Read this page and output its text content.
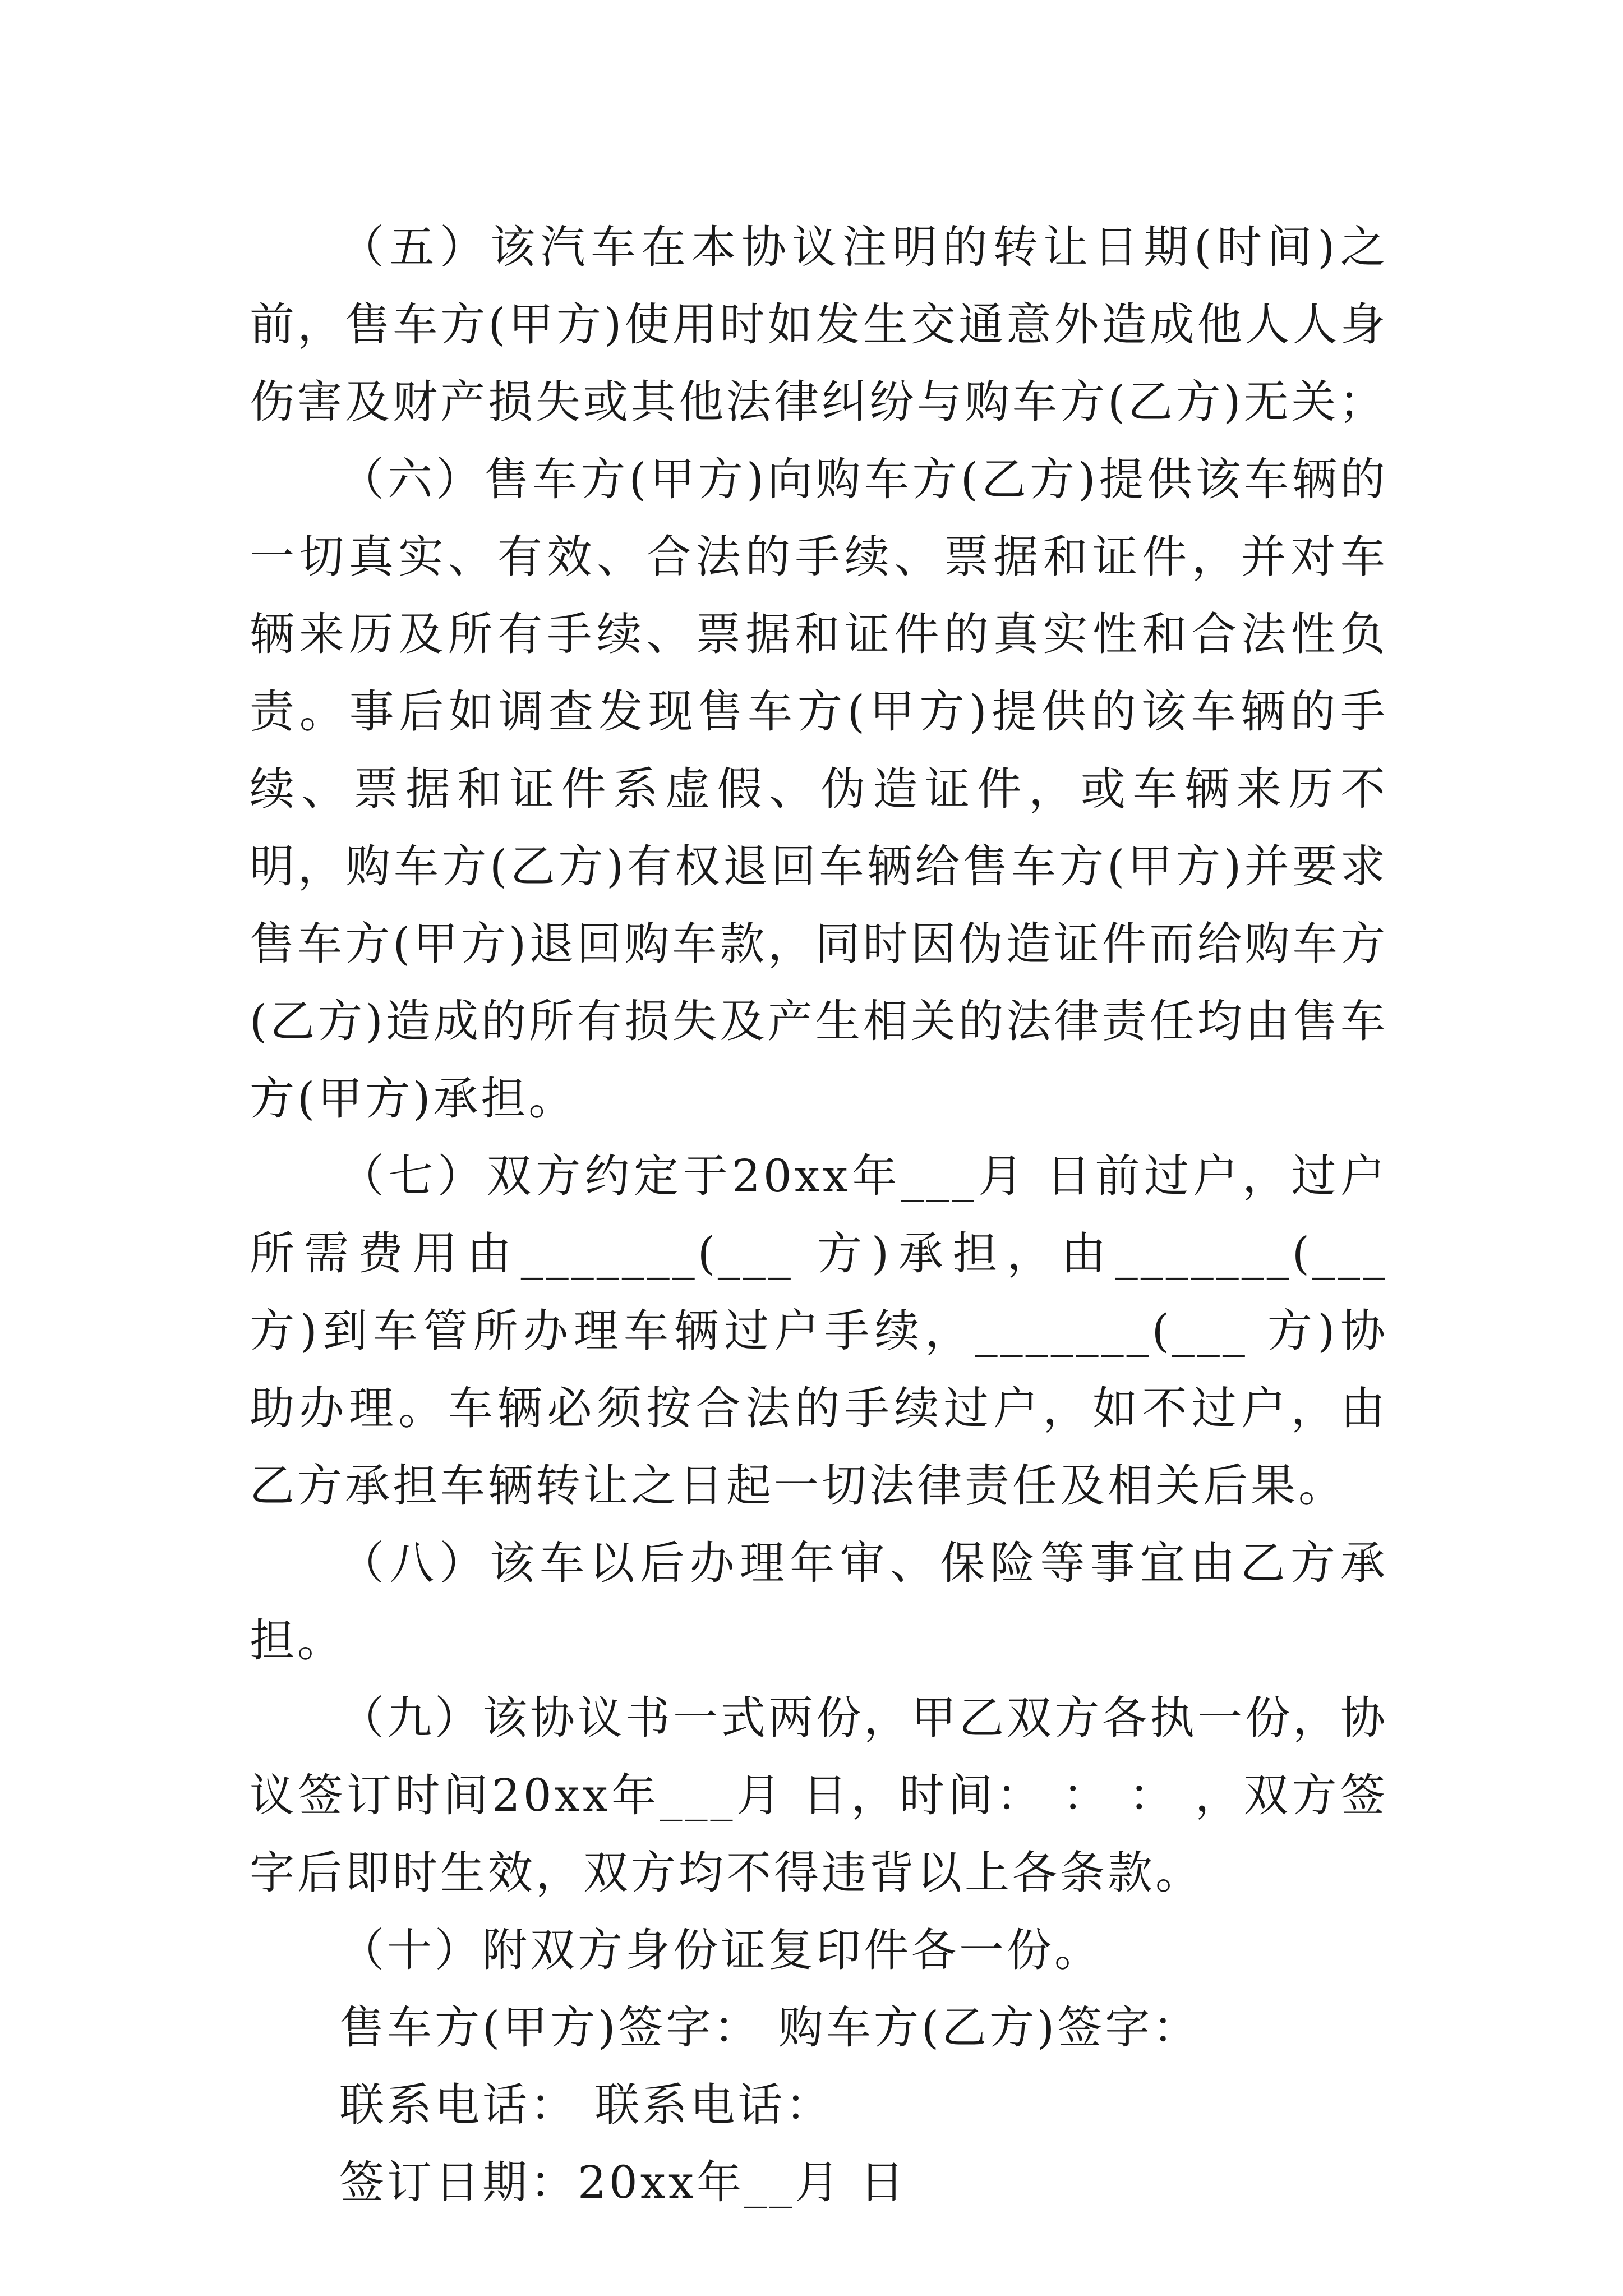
（五）该汽车在本协议注明的转让日期(时间)之前，售车方(甲方)使用时如发生交通意外造成他人人身伤害及财产损失或其他法律纠纷与购车方(乙方)无关；

（六）售车方(甲方)向购车方(乙方)提供该车辆的一切真实、有效、合法的手续、票据和证件，并对车辆来历及所有手续、票据和证件的真实性和合法性负责。事后如调查发现售车方(甲方)提供的该车辆的手续、票据和证件系虚假、伪造证件，或车辆来历不明，购车方(乙方)有权退回车辆给售车方(甲方)并要求售车方(甲方)退回购车款，同时因伪造证件而给购车方(乙方)造成的所有损失及产生相关的法律责任均由售车方(甲方)承担。

（七）双方约定于20xx年___月 日前过户，过户所需费用由_______(___ 方)承担，由_______(___ 方)到车管所办理车辆过户手续，_______(___ 方)协助办理。车辆必须按合法的手续过户，如不过户，由乙方承担车辆转让之日起一切法律责任及相关后果。

（八）该车以后办理年审、保险等事宜由乙方承担。

（九）该协议书一式两份，甲乙双方各执一份，协议签订时间20xx年___月 日，时间： ： ： ，双方签字后即时生效，双方均不得违背以上各条款。

（十）附双方身份证复印件各一份。

售车方(甲方)签字： 购车方(乙方)签字：

联系电话： 联系电话：

签订日期：20xx年__月 日
